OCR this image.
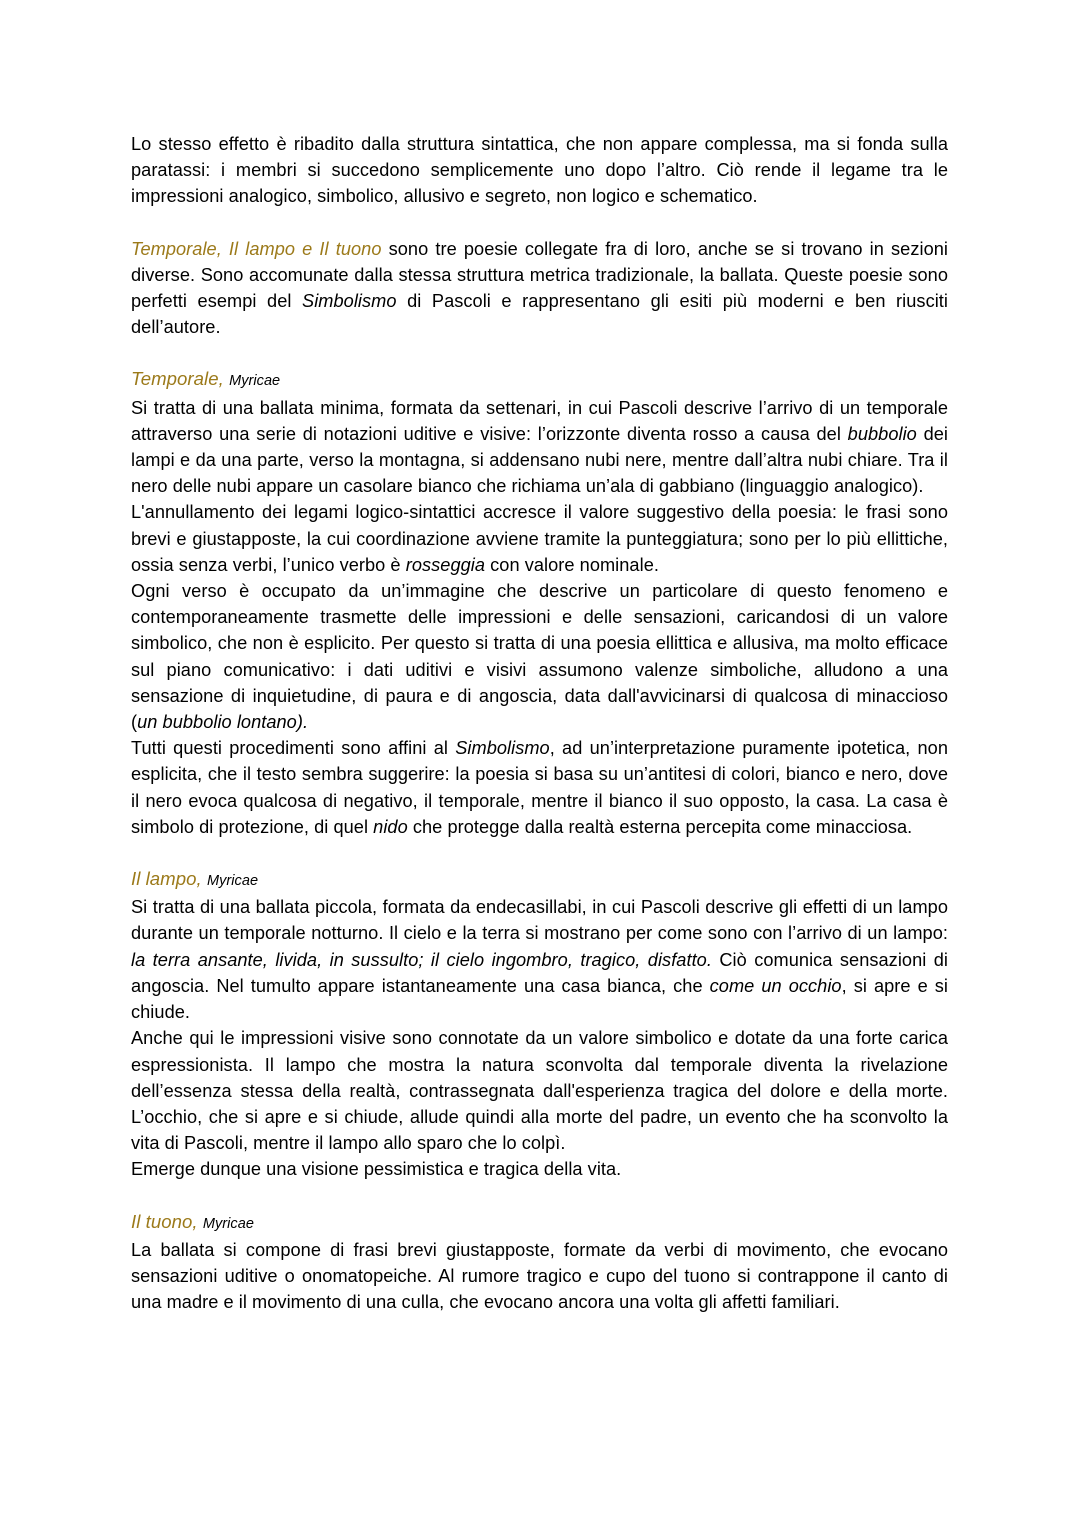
Lo stesso effetto è ribadito dalla struttura sintattica, che non appare complessa, ma si fonda sulla paratassi: i membri si succedono semplicemente uno dopo l’altro. Ciò rende il legame tra le impressioni analogico, simbolico, allusivo e segreto, non logico e schematico.

Temporale, Il lampo e Il tuono sono tre poesie collegate fra di loro, anche se si trovano in sezioni diverse. Sono accomunate dalla stessa struttura metrica tradizionale, la ballata. Queste poesie sono perfetti esempi del Simbolismo di Pascoli e rappresentano gli esiti più moderni e ben riusciti dell’autore.

Temporale, Myricae

Si tratta di una ballata minima, formata da settenari, in cui Pascoli descrive l’arrivo di un temporale attraverso una serie di notazioni uditive e visive: l’orizzonte diventa rosso a causa del bubbolio dei lampi e da una parte, verso la montagna, si addensano nubi nere, mentre dall’altra nubi chiare. Tra il nero delle nubi appare un casolare bianco che richiama un’ala di gabbiano (linguaggio analogico).

L'annullamento dei legami logico-sintattici accresce il valore suggestivo della poesia: le frasi sono brevi e giustapposte, la cui coordinazione avviene tramite la punteggiatura; sono per lo più ellittiche, ossia senza verbi, l’unico verbo è rosseggia con valore nominale.

Ogni verso è occupato da un’immagine che descrive un particolare di questo fenomeno e contemporaneamente trasmette delle impressioni e delle sensazioni, caricandosi di un valore simbolico, che non è esplicito. Per questo si tratta di una poesia ellittica e allusiva, ma molto efficace sul piano comunicativo: i dati uditivi e visivi assumono valenze simboliche, alludono a una sensazione di inquietudine, di paura e di angoscia, data dall'avvicinarsi di qualcosa di minaccioso (un bubbolio lontano).

Tutti questi procedimenti sono affini al Simbolismo, ad un’interpretazione puramente ipotetica, non esplicita, che il testo sembra suggerire: la poesia si basa su un’antitesi di colori, bianco e nero, dove il nero evoca qualcosa di negativo, il temporale, mentre il bianco il suo opposto, la casa. La casa è simbolo di protezione, di quel nido che protegge dalla realtà esterna percepita come minacciosa.

Il lampo, Myricae

Si tratta di una ballata piccola, formata da endecasillabi, in cui Pascoli descrive gli effetti di un lampo durante un temporale notturno. Il cielo e la terra si mostrano per come sono con l’arrivo di un lampo: la terra ansante, livida, in sussulto; il cielo ingombro, tragico, disfatto. Ciò comunica sensazioni di angoscia. Nel tumulto appare istantaneamente una casa bianca, che come un occhio, si apre e si chiude.

Anche qui le impressioni visive sono connotate da un valore simbolico e dotate da una forte carica espressionista. Il lampo che mostra la natura sconvolta dal temporale diventa la rivelazione dell’essenza stessa della realtà, contrassegnata dall'esperienza tragica del dolore e della morte. L’occhio, che si apre e si chiude, allude quindi alla morte del padre, un evento che ha sconvolto la vita di Pascoli, mentre il lampo allo sparo che lo colpì.

Emerge dunque una visione pessimistica e tragica della vita.

Il tuono, Myricae

La ballata si compone di frasi brevi giustapposte, formate da verbi di movimento, che evocano sensazioni uditive o onomatopeiche. Al rumore tragico e cupo del tuono si contrappone il canto di una madre e il movimento di una culla, che evocano ancora una volta gli affetti familiari.
